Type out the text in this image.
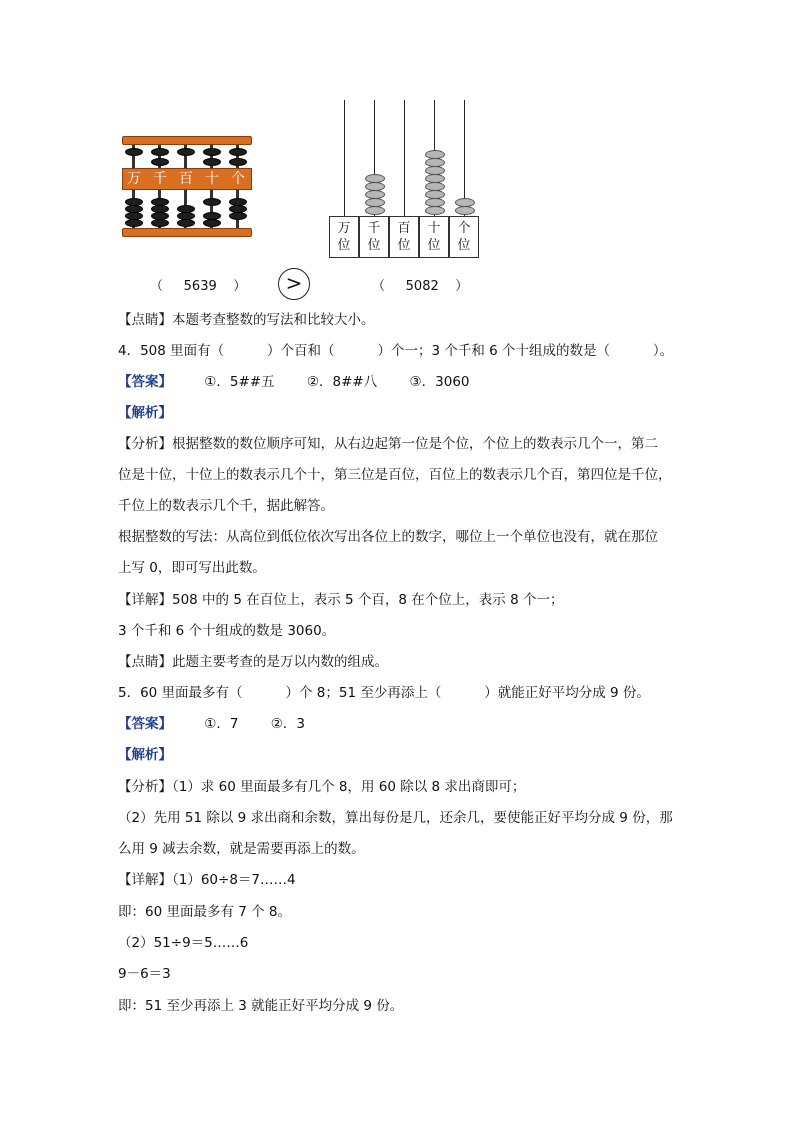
万 千 百 十 个
万
位
千
位
百
位
十
位
个
位
（     5639    ）	>	（     5082    ）
【点睛】本题考查整数的写法和比较大小。
4．508 里面有（          ）个百和（          ）个一；3 个千和 6 个十组成的数是（          ）。
【答案】 ①．5##五 ②．8##八 ③．3060
【解析】
【分析】根据整数的数位顺序可知，从右边起第一位是个位，个位上的数表示几个一，第二
位是十位，十位上的数表示几个十，第三位是百位，百位上的数表示几个百，第四位是千位，
千位上的数表示几个千，据此解答。
根据整数的写法：从高位到低位依次写出各位上的数字，哪位上一个单位也没有，就在那位
上写 0，即可写出此数。
【详解】508 中的 5 在百位上，表示 5 个百，8 在个位上，表示 8 个一；
3 个千和 6 个十组成的数是 3060。
【点睛】此题主要考查的是万以内数的组成。
5．60 里面最多有（          ）个 8；51 至少再添上（          ）就能正好平均分成 9 份。
【答案】 ①．7 ②．3
【解析】
【分析】（1）求 60 里面最多有几个 8，用 60 除以 8 求出商即可；
（2）先用 51 除以 9 求出商和余数，算出每份是几，还余几，要使能正好平均分成 9 份，那
么用 9 减去余数，就是需要再添上的数。
【详解】（1）60÷8＝7……4
即：60 里面最多有 7 个 8。
（2）51÷9＝5……6
9－6＝3
即：51 至少再添上 3 就能正好平均分成 9 份。
